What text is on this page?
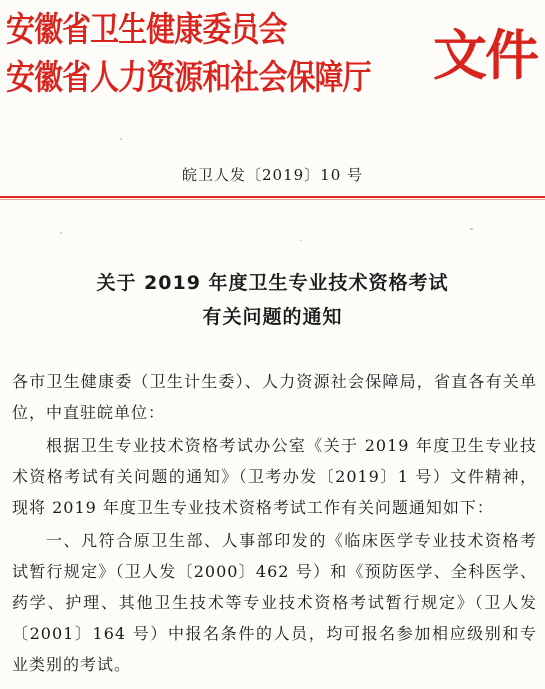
安徽省卫生健康委员会
安徽省人力资源和社会保障厅 文件
皖卫人发〔2019〕10 号
关于 2019 年度卫生专业技术资格考试
有关问题的通知

各市卫生健康委（卫生计生委）、人力资源社会保障局，省直各有关单位，中直驻皖单位：

根据卫生专业技术资格考试办公室《关于 2019 年度卫生专业技术资格考试有关问题的通知》（卫考办发〔2019〕1 号）文件精神，现将 2019 年度卫生专业技术资格考试工作有关问题通知如下：

一、凡符合原卫生部、人事部印发的《临床医学专业技术资格考试暂行规定》（卫人发〔2000〕462 号）和《预防医学、全科医学、药学、护理、其他卫生技术等专业技术资格考试暂行规定》（卫人发〔2001〕164 号）中报名条件的人员，均可报名参加相应级别和专业类别的考试。
